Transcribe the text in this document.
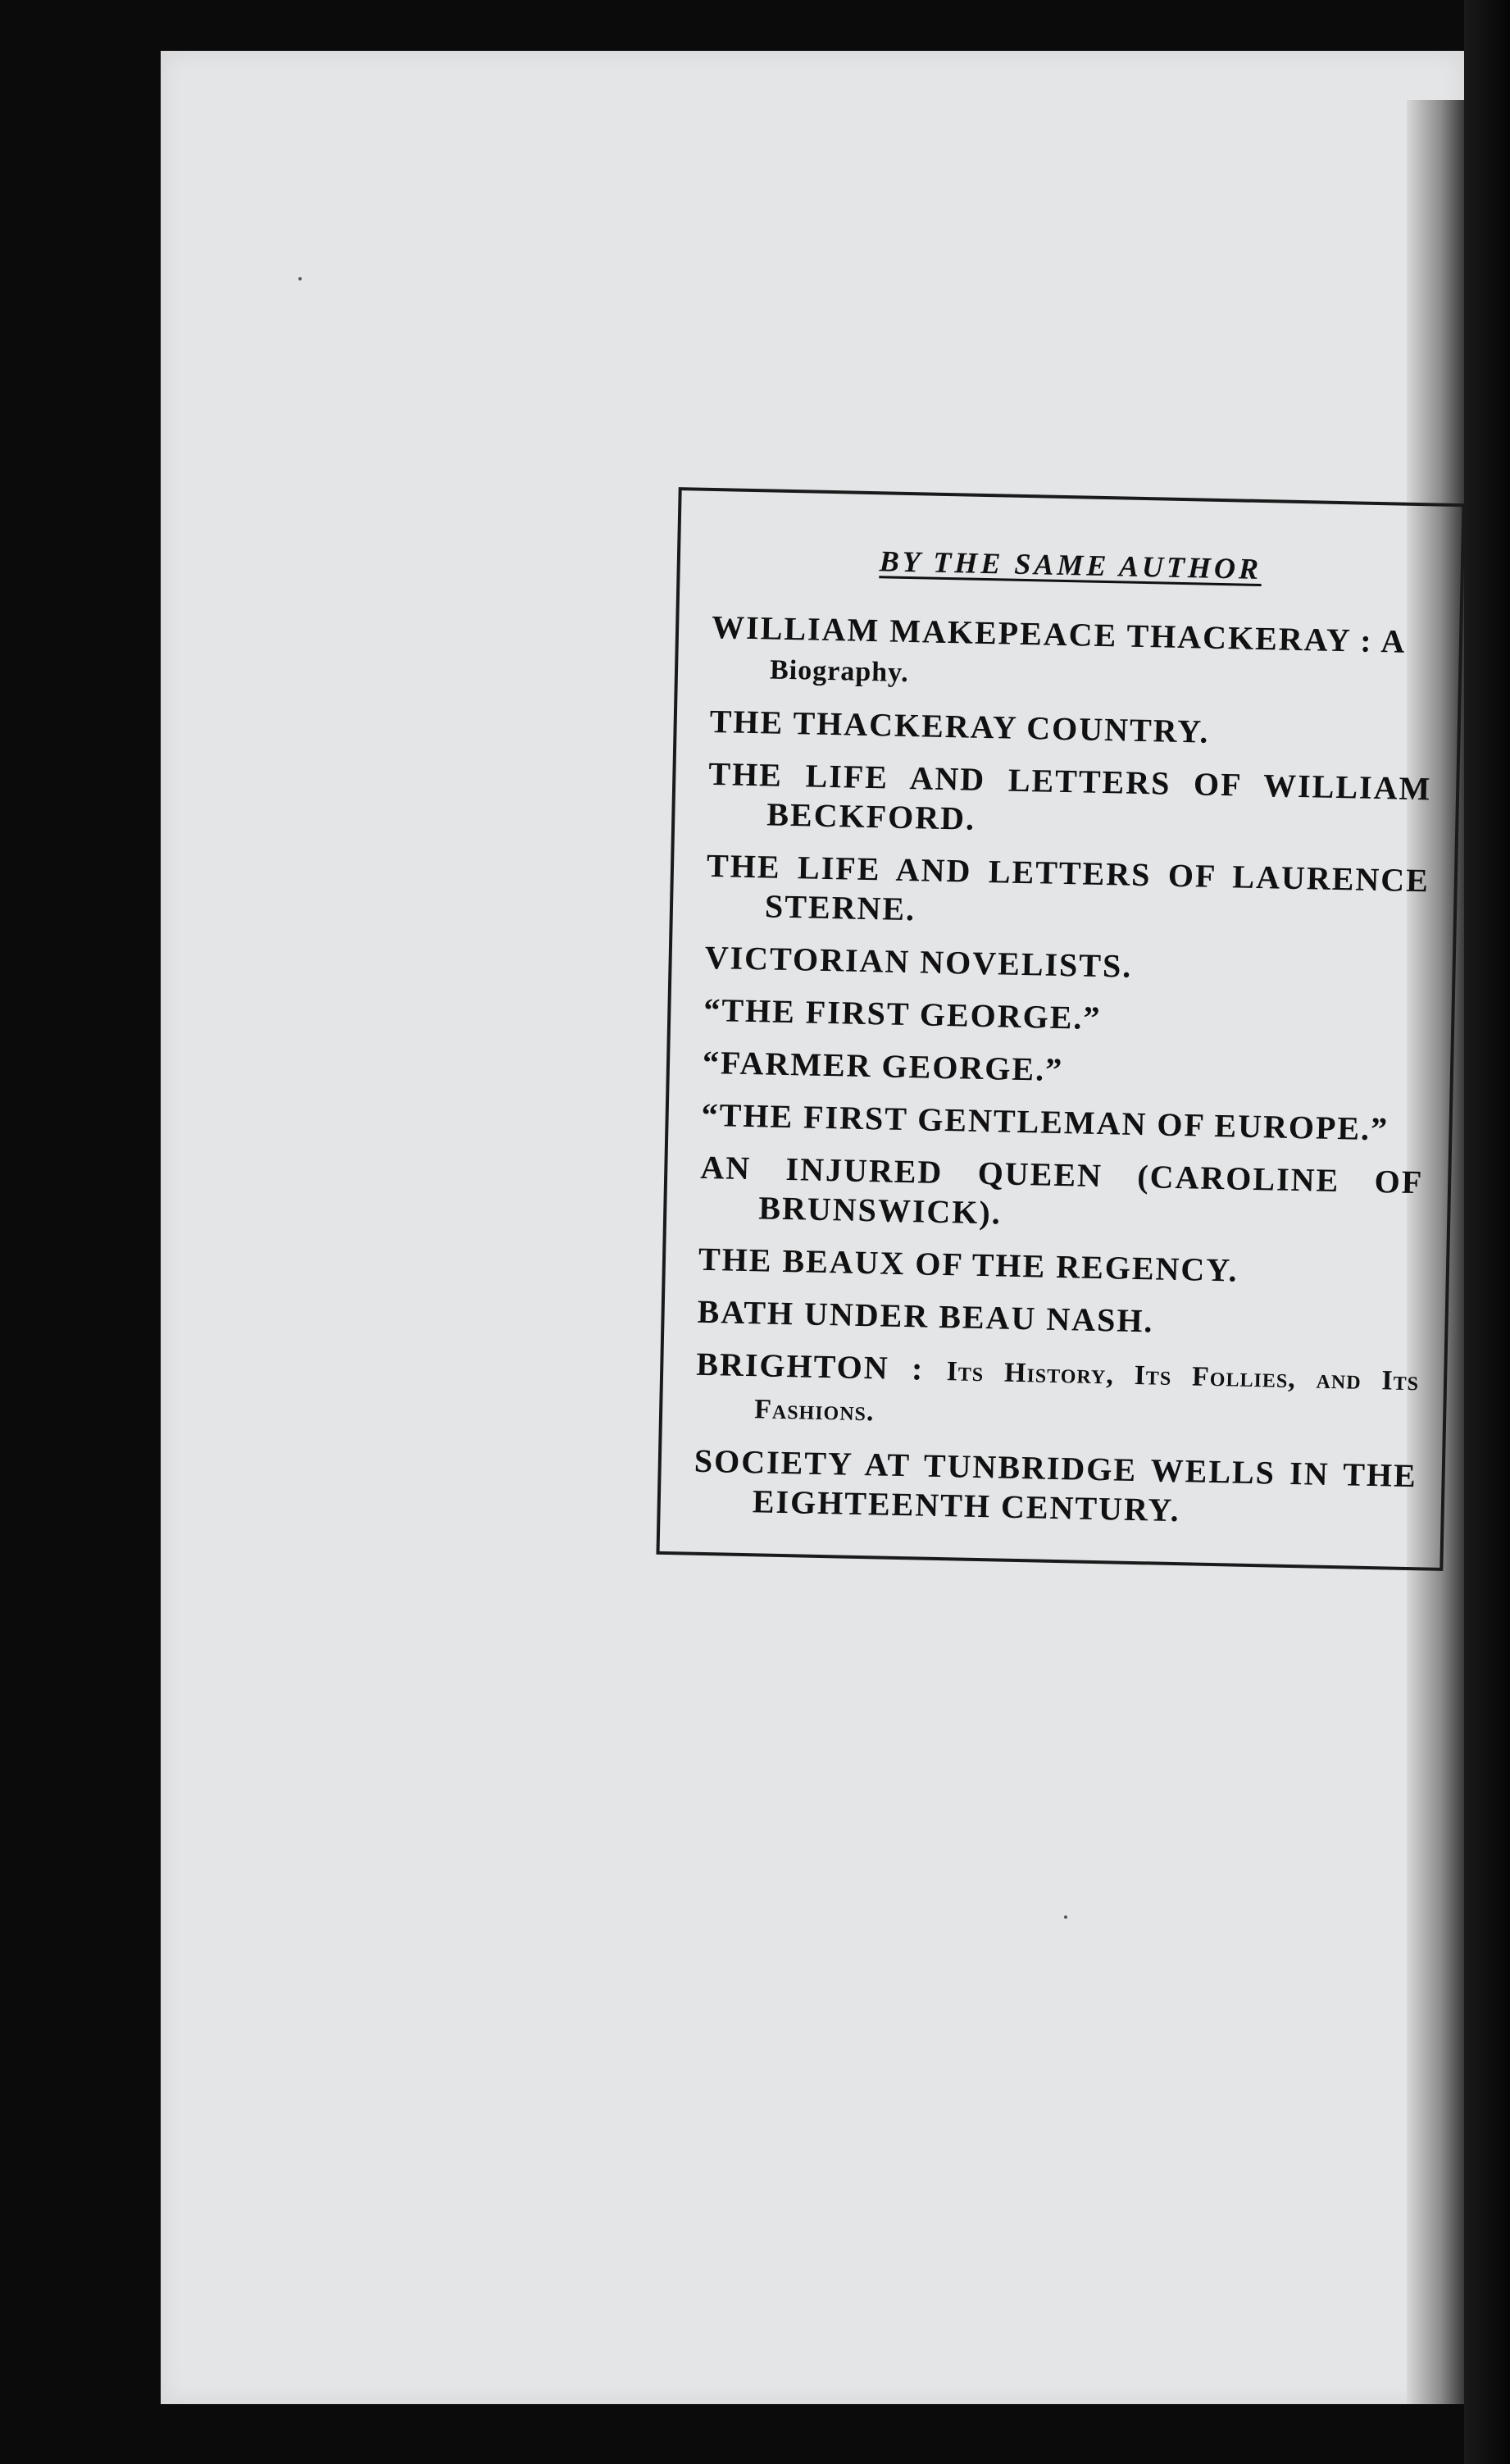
BY THE SAME AUTHOR
WILLIAM MAKEPEACE THACKERAY : A
Biography.
THE THACKERAY COUNTRY.
THE LIFE AND LETTERS OF WILLIAM BECKFORD.
THE LIFE AND LETTERS OF LAURENCE STERNE.
VICTORIAN NOVELISTS.
“THE FIRST GEORGE.”
“FARMER GEORGE.”
“THE FIRST GENTLEMAN OF EUROPE.”
AN INJURED QUEEN (CAROLINE OF BRUNSWICK).
THE BEAUX OF THE REGENCY.
BATH UNDER BEAU NASH.
BRIGHTON : Its History, Its Follies, and Its Fashions.
SOCIETY AT TUNBRIDGE WELLS IN THE EIGHTEENTH CENTURY.
